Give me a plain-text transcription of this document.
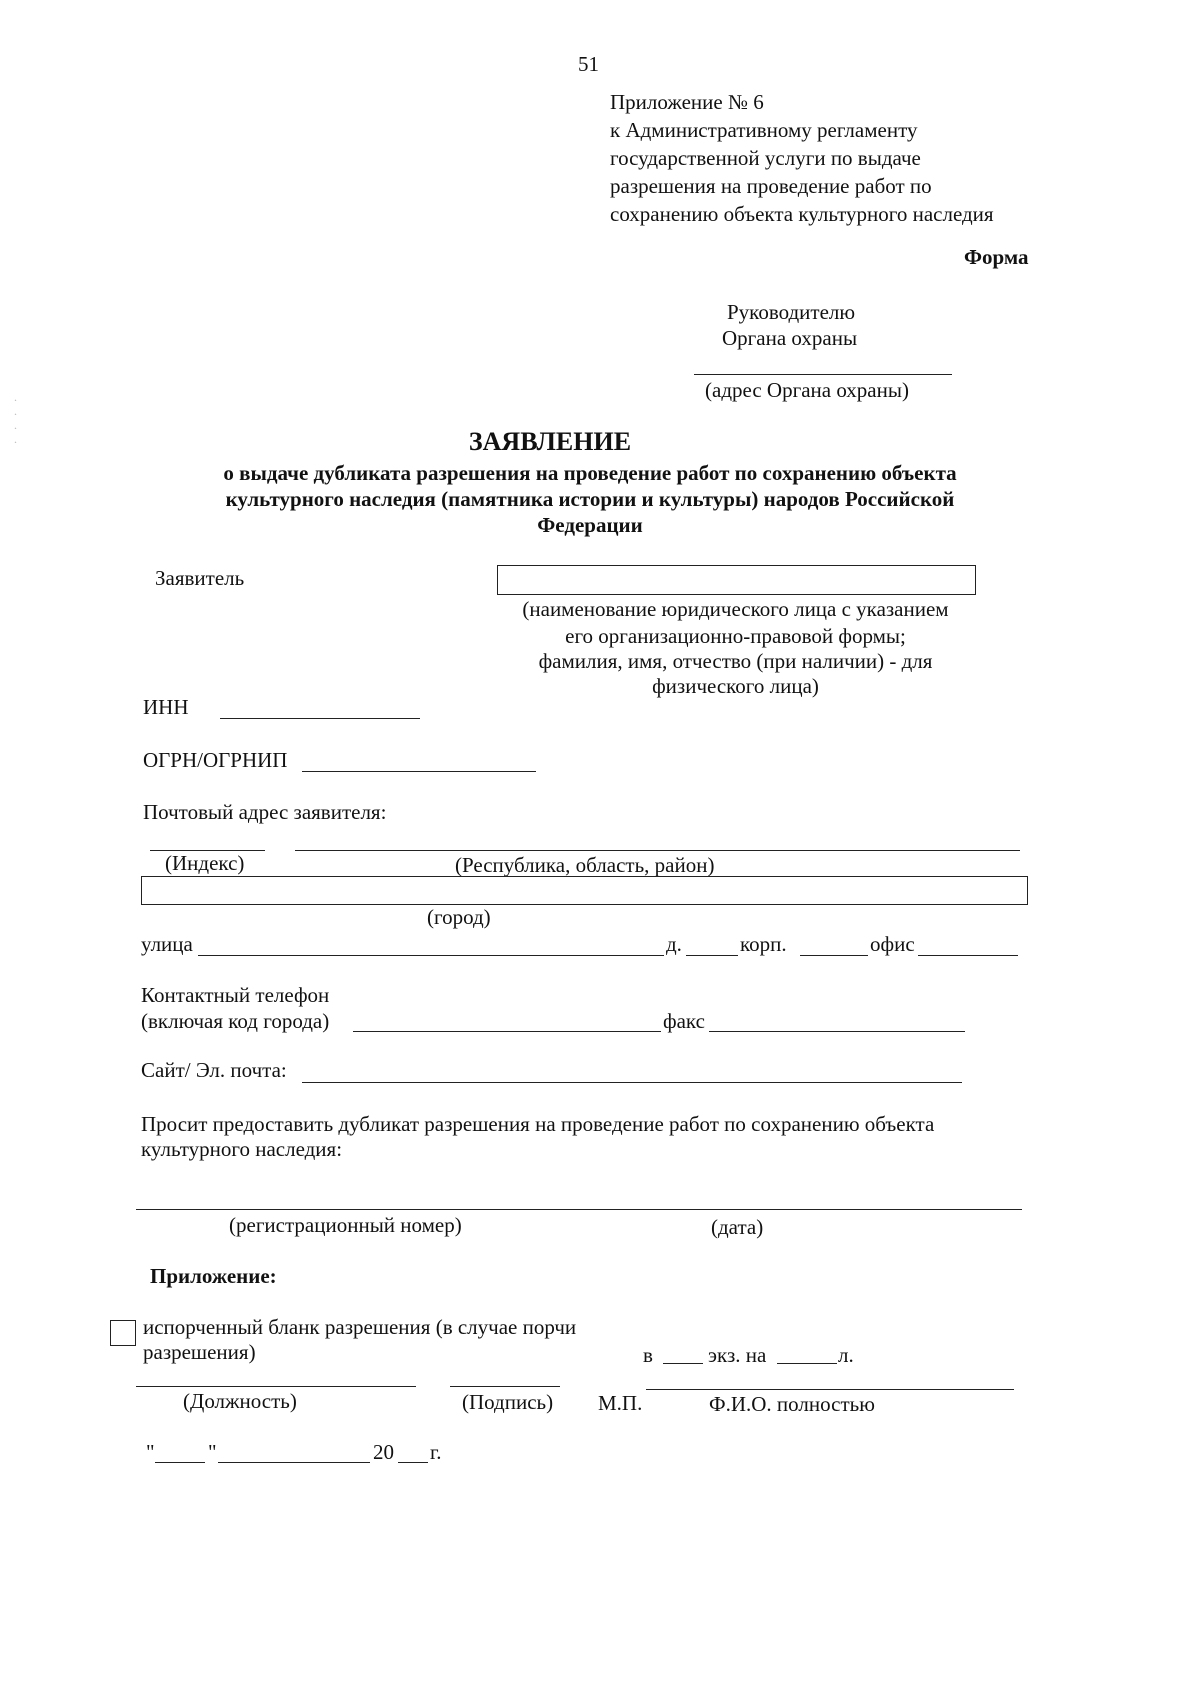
.
.
.
.
51
Приложение № 6
к Административному регламенту
государственной услуги по выдаче
разрешения на проведение работ по
сохранению объекта культурного наследия
Форма
Руководителю
Органа охраны
(адрес Органа охраны)
ЗАЯВЛЕНИЕ
о выдаче дубликата разрешения на проведение работ по сохранению объекта
культурного наследия (памятника истории и культуры) народов Российской
Федерации
Заявитель
(наименование юридического лица с указанием
его организационно-правовой формы;
фамилия, имя, отчество (при наличии) - для
физического лица)
ИНН
ОГРН/ОГРНИП
Почтовый адрес заявителя:
(Индекс)	(Республика, область, район)
(город)
улица	д.	корп.	офис
Контактный телефон
(включая код города)	факс
Сайт/ Эл. почта:
Просит предоставить дубликат разрешения на проведение работ по сохранению объекта
культурного наследия:
(регистрационный номер)	(дата)
Приложение:
испорченный бланк разрешения (в случае порчи
разрешения)	в	экз. на	л.
(Должность)	(Подпись) М.П.	Ф.И.О. полностью
"	"	20 г.
